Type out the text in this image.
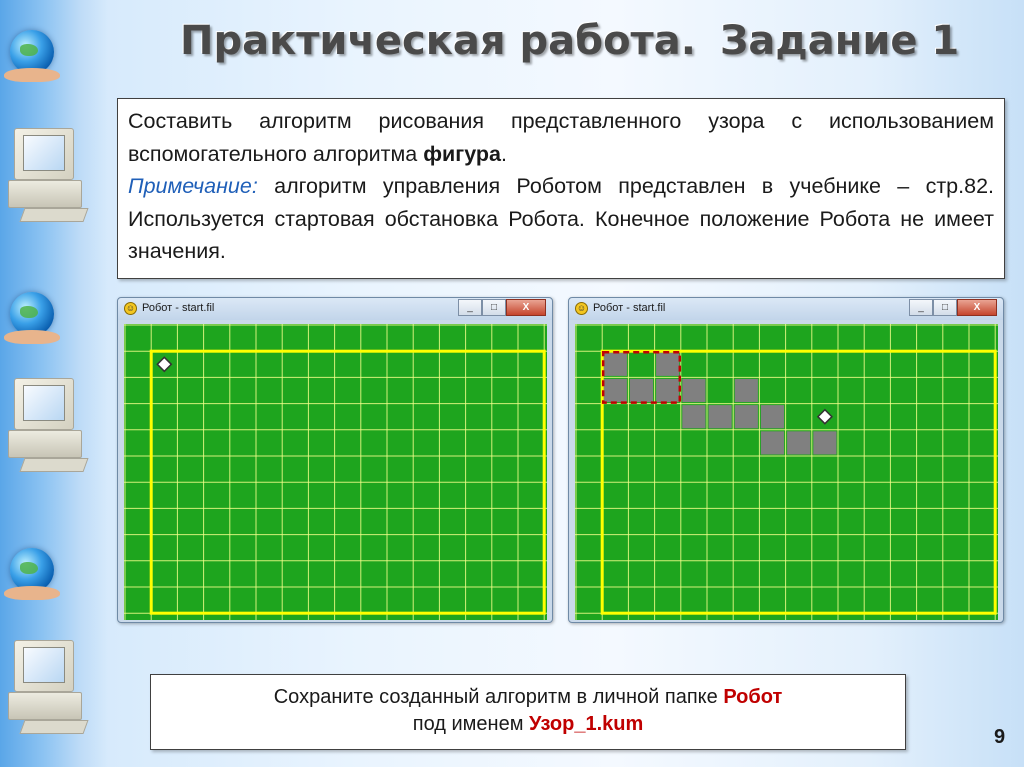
Практическая работа. Задание 1

Составить алгоритм рисования представленного узора с использованием вспомогательного алгоритма фигура.

Примечание: алгоритм управления Роботом представлен в учебнике – стр.82. Используется стартовая обстановка Робота. Конечное положение Робота не имеет значения.

☺ Робот - start.fil	_	□	X	☺ Робот - start.fil	_	□	X
Сохраните созданный алгоритм в личной папке Робот
под именем Узор_1.kum
9
